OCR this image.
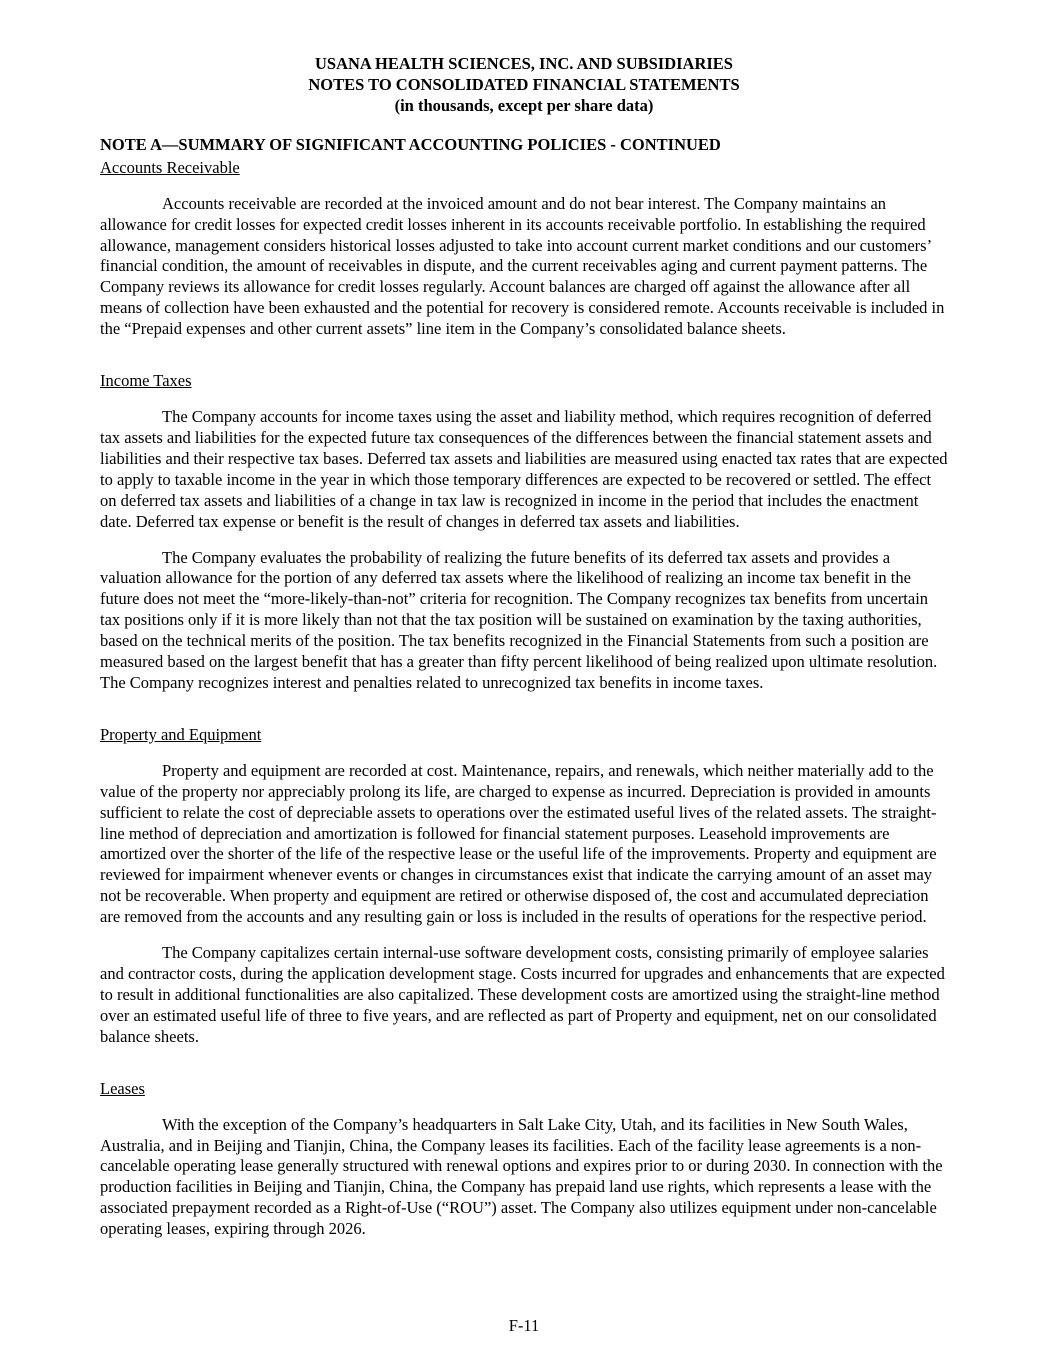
USANA HEALTH SCIENCES, INC. AND SUBSIDIARIES
NOTES TO CONSOLIDATED FINANCIAL STATEMENTS
(in thousands, except per share data)
NOTE A—SUMMARY OF SIGNIFICANT ACCOUNTING POLICIES - CONTINUED
Accounts Receivable

Accounts receivable are recorded at the invoiced amount and do not bear interest. The Company maintains an allowance for credit losses for expected credit losses inherent in its accounts receivable portfolio. In establishing the required allowance, management considers historical losses adjusted to take into account current market conditions and our customers’ financial condition, the amount of receivables in dispute, and the current receivables aging and current payment patterns. The Company reviews its allowance for credit losses regularly. Account balances are charged off against the allowance after all means of collection have been exhausted and the potential for recovery is considered remote. Accounts receivable is included in the “Prepaid expenses and other current assets” line item in the Company’s consolidated balance sheets.

Income Taxes

The Company accounts for income taxes using the asset and liability method, which requires recognition of deferred tax assets and liabilities for the expected future tax consequences of the differences between the financial statement assets and liabilities and their respective tax bases. Deferred tax assets and liabilities are measured using enacted tax rates that are expected to apply to taxable income in the year in which those temporary differences are expected to be recovered or settled. The effect on deferred tax assets and liabilities of a change in tax law is recognized in income in the period that includes the enactment date. Deferred tax expense or benefit is the result of changes in deferred tax assets and liabilities.

The Company evaluates the probability of realizing the future benefits of its deferred tax assets and provides a valuation allowance for the portion of any deferred tax assets where the likelihood of realizing an income tax benefit in the future does not meet the “more-likely-than-not” criteria for recognition. The Company recognizes tax benefits from uncertain tax positions only if it is more likely than not that the tax position will be sustained on examination by the taxing authorities, based on the technical merits of the position. The tax benefits recognized in the Financial Statements from such a position are measured based on the largest benefit that has a greater than fifty percent likelihood of being realized upon ultimate resolution. The Company recognizes interest and penalties related to unrecognized tax benefits in income taxes.

Property and Equipment

Property and equipment are recorded at cost. Maintenance, repairs, and renewals, which neither materially add to the value of the property nor appreciably prolong its life, are charged to expense as incurred. Depreciation is provided in amounts sufficient to relate the cost of depreciable assets to operations over the estimated useful lives of the related assets. The straight-line method of depreciation and amortization is followed for financial statement purposes. Leasehold improvements are amortized over the shorter of the life of the respective lease or the useful life of the improvements. Property and equipment are reviewed for impairment whenever events or changes in circumstances exist that indicate the carrying amount of an asset may not be recoverable. When property and equipment are retired or otherwise disposed of, the cost and accumulated depreciation are removed from the accounts and any resulting gain or loss is included in the results of operations for the respective period.

The Company capitalizes certain internal-use software development costs, consisting primarily of employee salaries and contractor costs, during the application development stage. Costs incurred for upgrades and enhancements that are expected to result in additional functionalities are also capitalized. These development costs are amortized using the straight-line method over an estimated useful life of three to five years, and are reflected as part of Property and equipment, net on our consolidated balance sheets.

Leases

With the exception of the Company’s headquarters in Salt Lake City, Utah, and its facilities in New South Wales, Australia, and in Beijing and Tianjin, China, the Company leases its facilities. Each of the facility lease agreements is a non-cancelable operating lease generally structured with renewal options and expires prior to or during 2030. In connection with the production facilities in Beijing and Tianjin, China, the Company has prepaid land use rights, which represents a lease with the associated prepayment recorded as a Right-of-Use (“ROU”) asset. The Company also utilizes equipment under non-cancelable operating leases, expiring through 2026.

F-11
